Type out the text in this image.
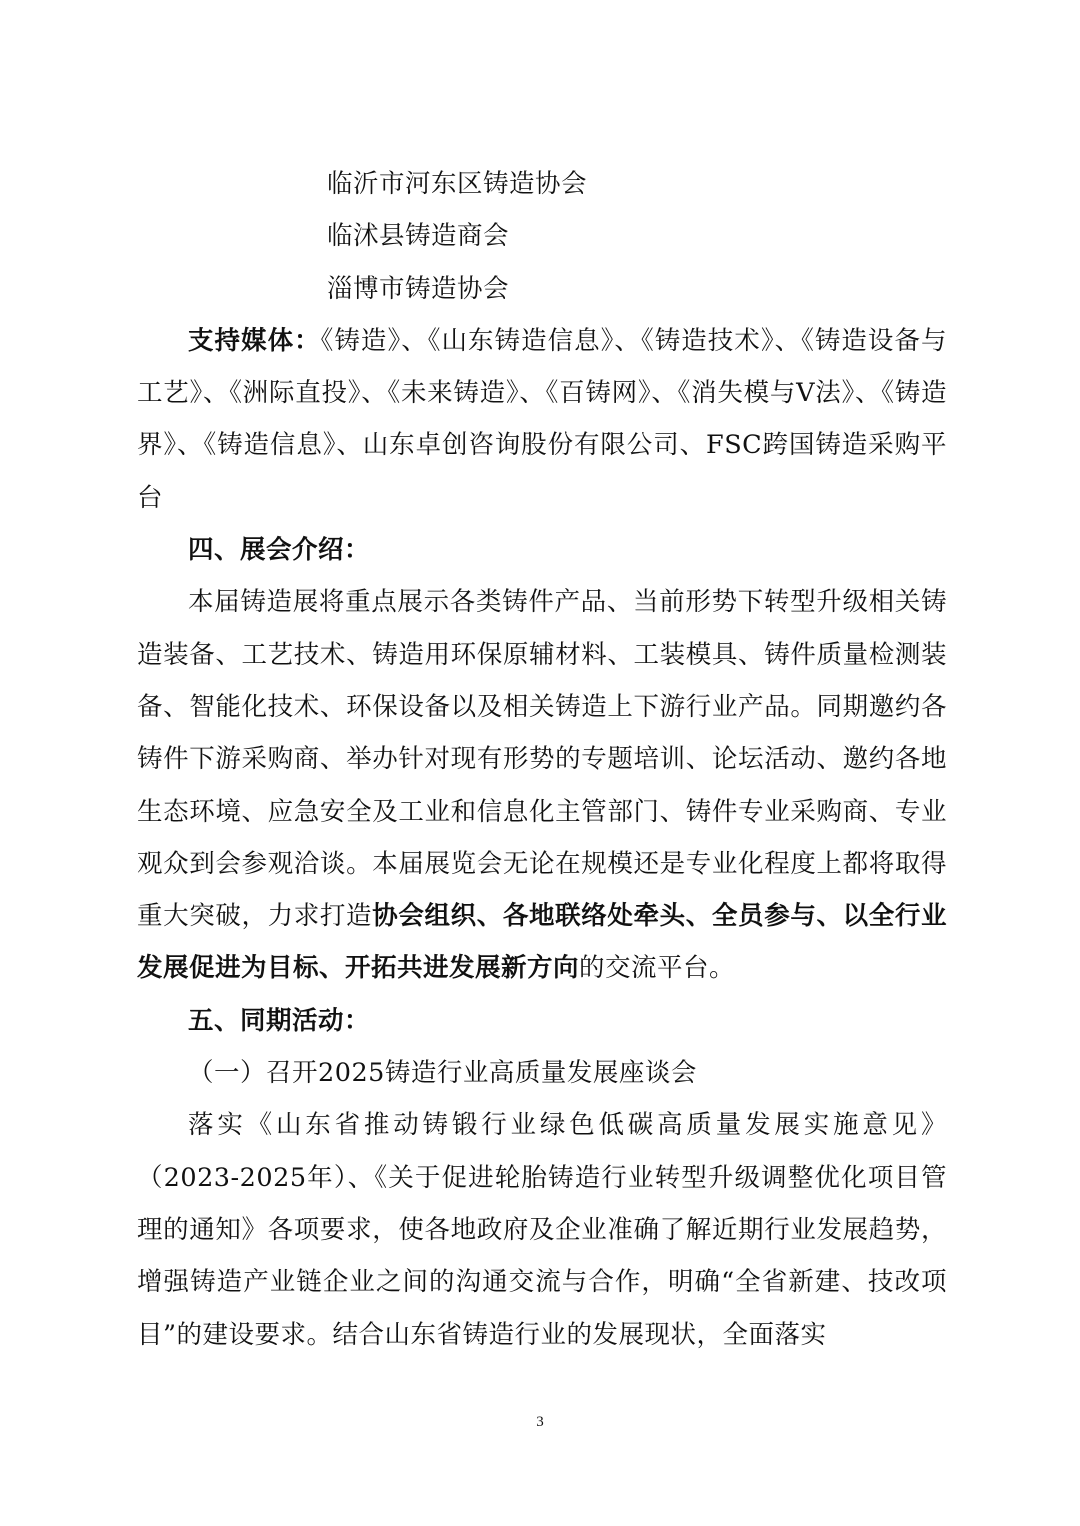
临沂市河东区铸造协会
临沭县铸造商会
淄博市铸造协会

支持媒体：《铸造》、《山东铸造信息》、《铸造技术》、《铸造设备与工艺》、《洲际直投》、《未来铸造》、《百铸网》、《消失模与Ⅴ法》、《铸造界》、《铸造信息》、山东卓创咨询股份有限公司、FSC跨国铸造采购平台

四、展会介绍：

本届铸造展将重点展示各类铸件产品、当前形势下转型升级相关铸造装备、工艺技术、铸造用环保原辅材料、工装模具、铸件质量检测装备、智能化技术、环保设备以及相关铸造上下游行业产品。同期邀约各铸件下游采购商、举办针对现有形势的专题培训、论坛活动、邀约各地生态环境、应急安全及工业和信息化主管部门、铸件专业采购商、专业观众到会参观洽谈。本届展览会无论在规模还是专业化程度上都将取得重大突破，力求打造协会组织、各地联络处牵头、全员参与、以全行业发展促进为目标、开拓共进发展新方向的交流平台。

五、同期活动：

（一）召开2025铸造行业高质量发展座谈会

落实《山东省推动铸锻行业绿色低碳高质量发展实施意见》（2023-2025年）、《关于促进轮胎铸造行业转型升级调整优化项目管理的通知》各项要求，使各地政府及企业准确了解近期行业发展趋势，增强铸造产业链企业之间的沟通交流与合作，明确“全省新建、技改项目”的建设要求。结合山东省铸造行业的发展现状，全面落实

3
